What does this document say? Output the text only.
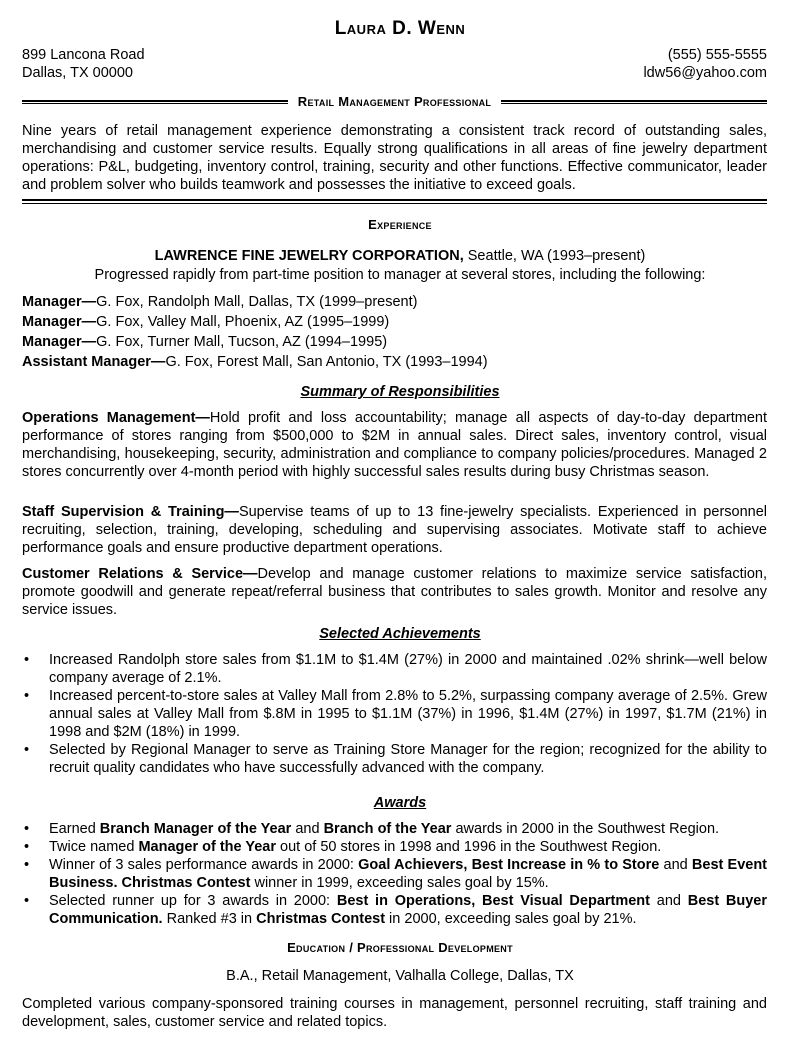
Laura D. Wenn
899 Lancona Road	(555) 555-5555
Dallas, TX 00000	ldw56@yahoo.com
Retail Management Professional
Nine years of retail management experience demonstrating a consistent track record of outstanding sales, merchandising and customer service results. Equally strong qualifications in all areas of fine jewelry department operations: P&L, budgeting, inventory control, training, security and other functions. Effective communicator, leader and problem solver who builds teamwork and possesses the initiative to exceed goals.
Experience
LAWRENCE FINE JEWELRY CORPORATION, Seattle, WA (1993–present)
Progressed rapidly from part-time position to manager at several stores, including the following:
Manager—G. Fox, Randolph Mall, Dallas, TX (1999–present)
Manager—G. Fox, Valley Mall, Phoenix, AZ (1995–1999)
Manager—G. Fox, Turner Mall, Tucson, AZ (1994–1995)
Assistant Manager—G. Fox, Forest Mall, San Antonio, TX (1993–1994)
Summary of Responsibilities
Operations Management—Hold profit and loss accountability; manage all aspects of day-to-day department performance of stores ranging from $500,000 to $2M in annual sales. Direct sales, inventory control, visual merchandising, housekeeping, security, administration and compliance to company policies/procedures. Managed 2 stores concurrently over 4-month period with highly successful sales results during busy Christmas season.
Staff Supervision & Training—Supervise teams of up to 13 fine-jewelry specialists. Experienced in personnel recruiting, selection, training, developing, scheduling and supervising associates. Motivate staff to achieve performance goals and ensure productive department operations.
Customer Relations & Service—Develop and manage customer relations to maximize service satisfaction, promote goodwill and generate repeat/referral business that contributes to sales growth. Monitor and resolve any service issues.
Selected Achievements
• Increased Randolph store sales from $1.1M to $1.4M (27%) in 2000 and maintained .02% shrink—well below company average of 2.1%.
• Increased percent-to-store sales at Valley Mall from 2.8% to 5.2%, surpassing company average of 2.5%. Grew annual sales at Valley Mall from $.8M in 1995 to $1.1M (37%) in 1996, $1.4M (27%) in 1997, $1.7M (21%) in 1998 and $2M (18%) in 1999.
• Selected by Regional Manager to serve as Training Store Manager for the region; recognized for the ability to recruit quality candidates who have successfully advanced with the company.
Awards
• Earned Branch Manager of the Year and Branch of the Year awards in 2000 in the Southwest Region.
• Twice named Manager of the Year out of 50 stores in 1998 and 1996 in the Southwest Region.
• Winner of 3 sales performance awards in 2000: Goal Achievers, Best Increase in % to Store and Best Event Business. Christmas Contest winner in 1999, exceeding sales goal by 15%.
• Selected runner up for 3 awards in 2000: Best in Operations, Best Visual Department and Best Buyer Communication. Ranked #3 in Christmas Contest in 2000, exceeding sales goal by 21%.
Education / Professional Development
B.A., Retail Management, Valhalla College, Dallas, TX
Completed various company-sponsored training courses in management, personnel recruiting, staff training and development, sales, customer service and related topics.
